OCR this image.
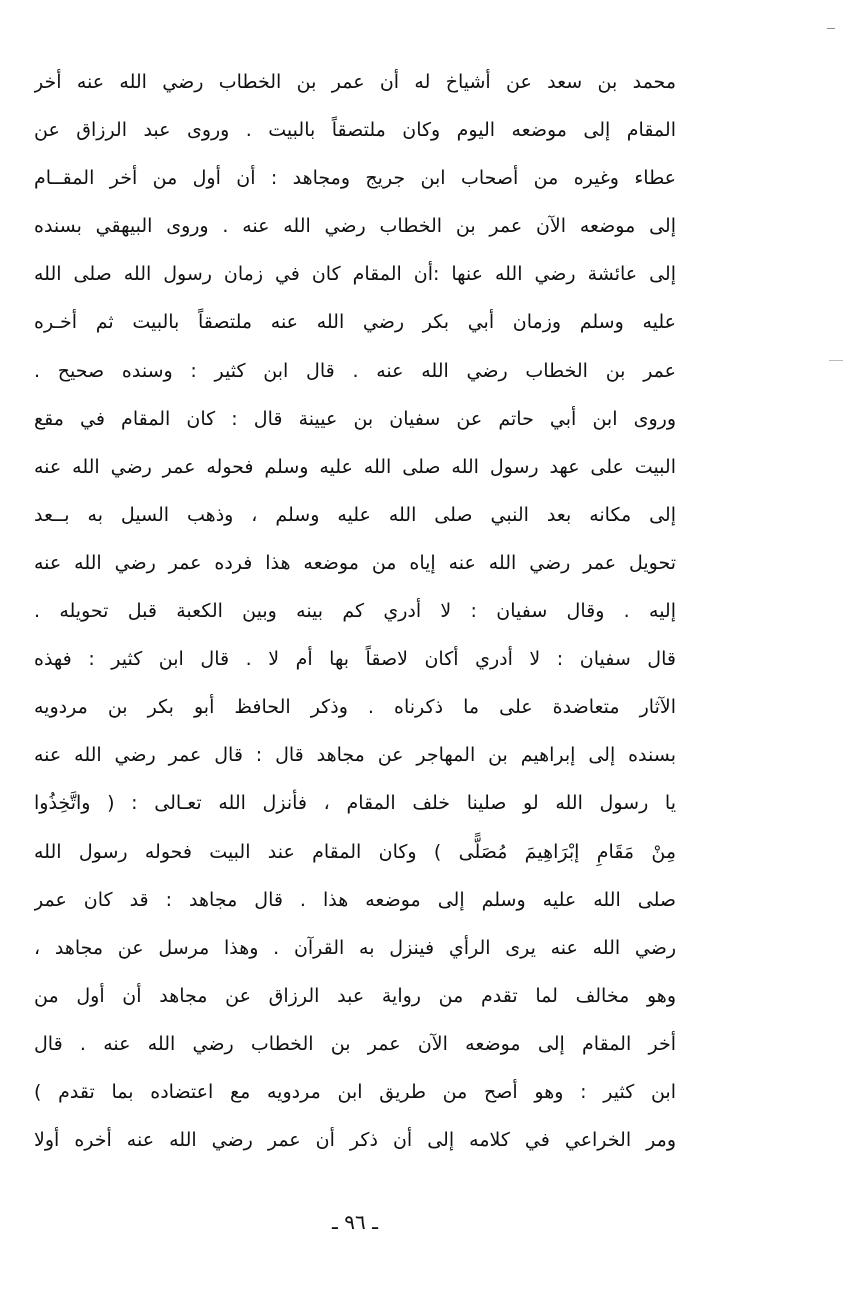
محمد بن سعد عن أشياخ له أن عمر بن الخطاب رضي الله عنه أخر
المقام إلى موضعه اليوم وكان ملتصقاً بالبيت . وروى عبد الرزاق عن
عطاء وغيره من أصحاب ابن جريج ومجاهد : أن أول من أخر المقــام
إلى موضعه الآن عمر بن الخطاب رضي الله عنه . وروى البيهقي بسنده
إلى عائشة رضي الله عنها :أن المقام كان في زمان رسول الله صلى الله
عليه وسلم وزمان أبي بكر رضي الله عنه ملتصقاً بالبيت ثم أخـره
عمر بن الخطاب رضي الله عنه . قال ابن كثير : وسنده صحيح .
وروى ابن أبي حاتم عن سفيان بن عيينة قال : كان المقام في مقع
البيت على عهد رسول الله صلى الله عليه وسلم فحوله عمر رضي الله عنه
إلى مكانه بعد النبي صلى الله عليه وسلم ، وذهب السيل به بــعد
تحويل عمر رضي الله عنه إياه من موضعه هذا فرده عمر رضي الله عنه
إليه . وقال سفيان : لا أدري كم بينه وبين الكعبة قبل تحويله .
قال سفيان : لا أدري أكان لاصقاً بها أم لا . قال ابن كثير : فهذه
الآثار متعاضدة على ما ذكرناه . وذكر الحافظ أبو بكر بن مردويه
بسنده إلى إبراهيم بن المهاجر عن مجاهد قال : قال عمر رضي الله عنه
يا رسول الله لو صلينا خلف المقام ، فأنزل الله تعـالى : ( واتَّخِذُوا
مِنْ مَقَامِ إبْرَاهِيمَ مُصَلًّى ) وكان المقام عند البيت فحوله رسول الله
صلى الله عليه وسلم إلى موضعه هذا . قال مجاهد : قد كان عمر
رضي الله عنه يرى الرأي فينزل به القرآن . وهذا مرسل عن مجاهد ،
وهو مخالف لما تقدم من رواية عبد الرزاق عن مجاهد أن أول من
أخر المقام إلى موضعه الآن عمر بن الخطاب رضي الله عنه . قال
ابن كثير : وهو أصح من طريق ابن مردويه مع اعتضاده بما تقدم )
ومر الخراعي في كلامه إلى أن ذكر أن عمر رضي الله عنه أخره أولا
ـ ٩٦ ـ
